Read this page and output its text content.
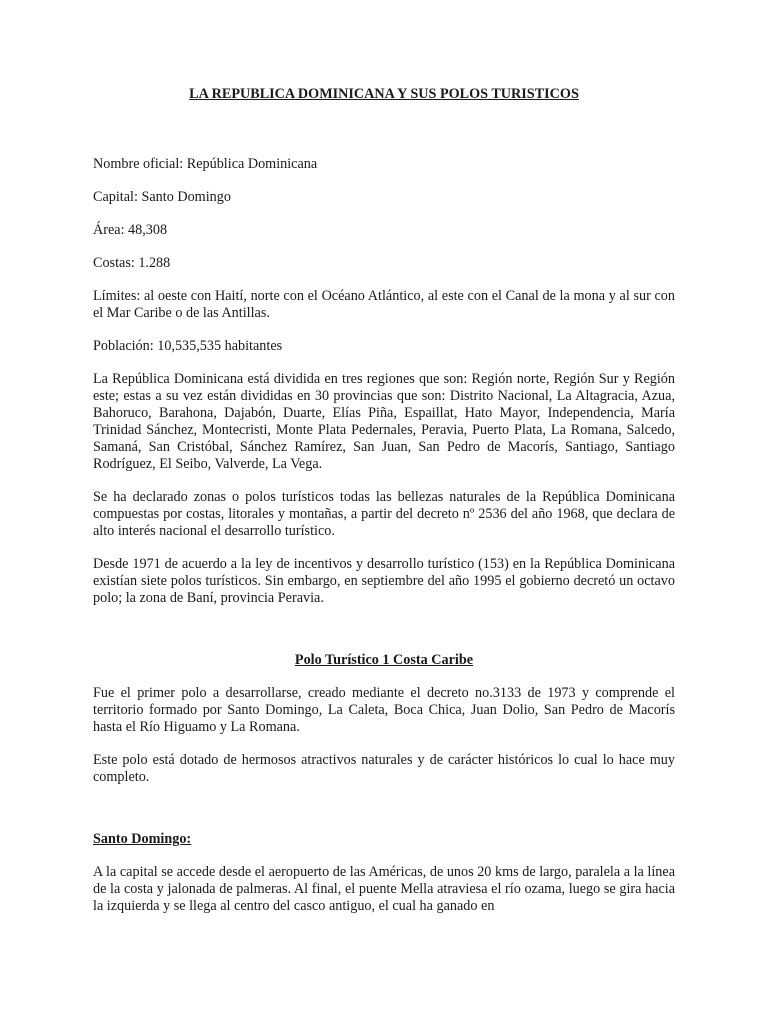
LA REPUBLICA DOMINICANA Y SUS POLOS TURISTICOS

Nombre oficial: República Dominicana

Capital: Santo Domingo

Área: 48,308

Costas: 1.288

Límites: al oeste con Haití, norte con el Océano Atlántico, al este con el Canal de la mona y al sur con el Mar Caribe o de las Antillas.

Población: 10,535,535 habitantes

La República Dominicana está dividida en tres regiones que son: Región norte, Región Sur y Región este; estas a su vez están divididas en 30 provincias que son: Distrito Nacional, La Altagracia, Azua, Bahoruco, Barahona, Dajabón, Duarte, Elías Piña, Espaillat, Hato Mayor, Independencia, María Trinidad Sánchez, Montecristi, Monte Plata Pedernales, Peravia, Puerto Plata, La Romana, Salcedo, Samaná, San Cristóbal, Sánchez Ramírez, San Juan, San Pedro de Macorís, Santiago, Santiago Rodríguez, El Seibo, Valverde, La Vega.

Se ha declarado zonas o polos turísticos todas las bellezas naturales de la República Dominicana compuestas por costas, litorales y montañas, a partir del decreto nº 2536 del año 1968, que declara de alto interés nacional el desarrollo turístico.

Desde 1971 de acuerdo a la ley de incentivos y desarrollo turístico (153) en la República Dominicana existían siete polos turísticos. Sin embargo, en septiembre del año 1995 el gobierno decretó un octavo polo; la zona de Baní, provincia Peravia.

Polo Turístico 1 Costa Caribe

Fue el primer polo a desarrollarse, creado mediante el decreto no.3133 de 1973 y comprende el territorio formado por Santo Domingo, La Caleta, Boca Chica, Juan Dolio, San Pedro de Macorís hasta el Río Higuamo y La Romana.

Este polo está dotado de hermosos atractivos naturales y de carácter históricos lo cual lo hace muy completo.

Santo Domingo:

A la capital se accede desde el aeropuerto de las Américas, de unos 20 kms de largo, paralela a la línea de la costa y jalonada de palmeras. Al final, el puente Mella atraviesa el río ozama, luego se gira hacia la izquierda y se llega al centro del casco antiguo, el cual ha ganado en
